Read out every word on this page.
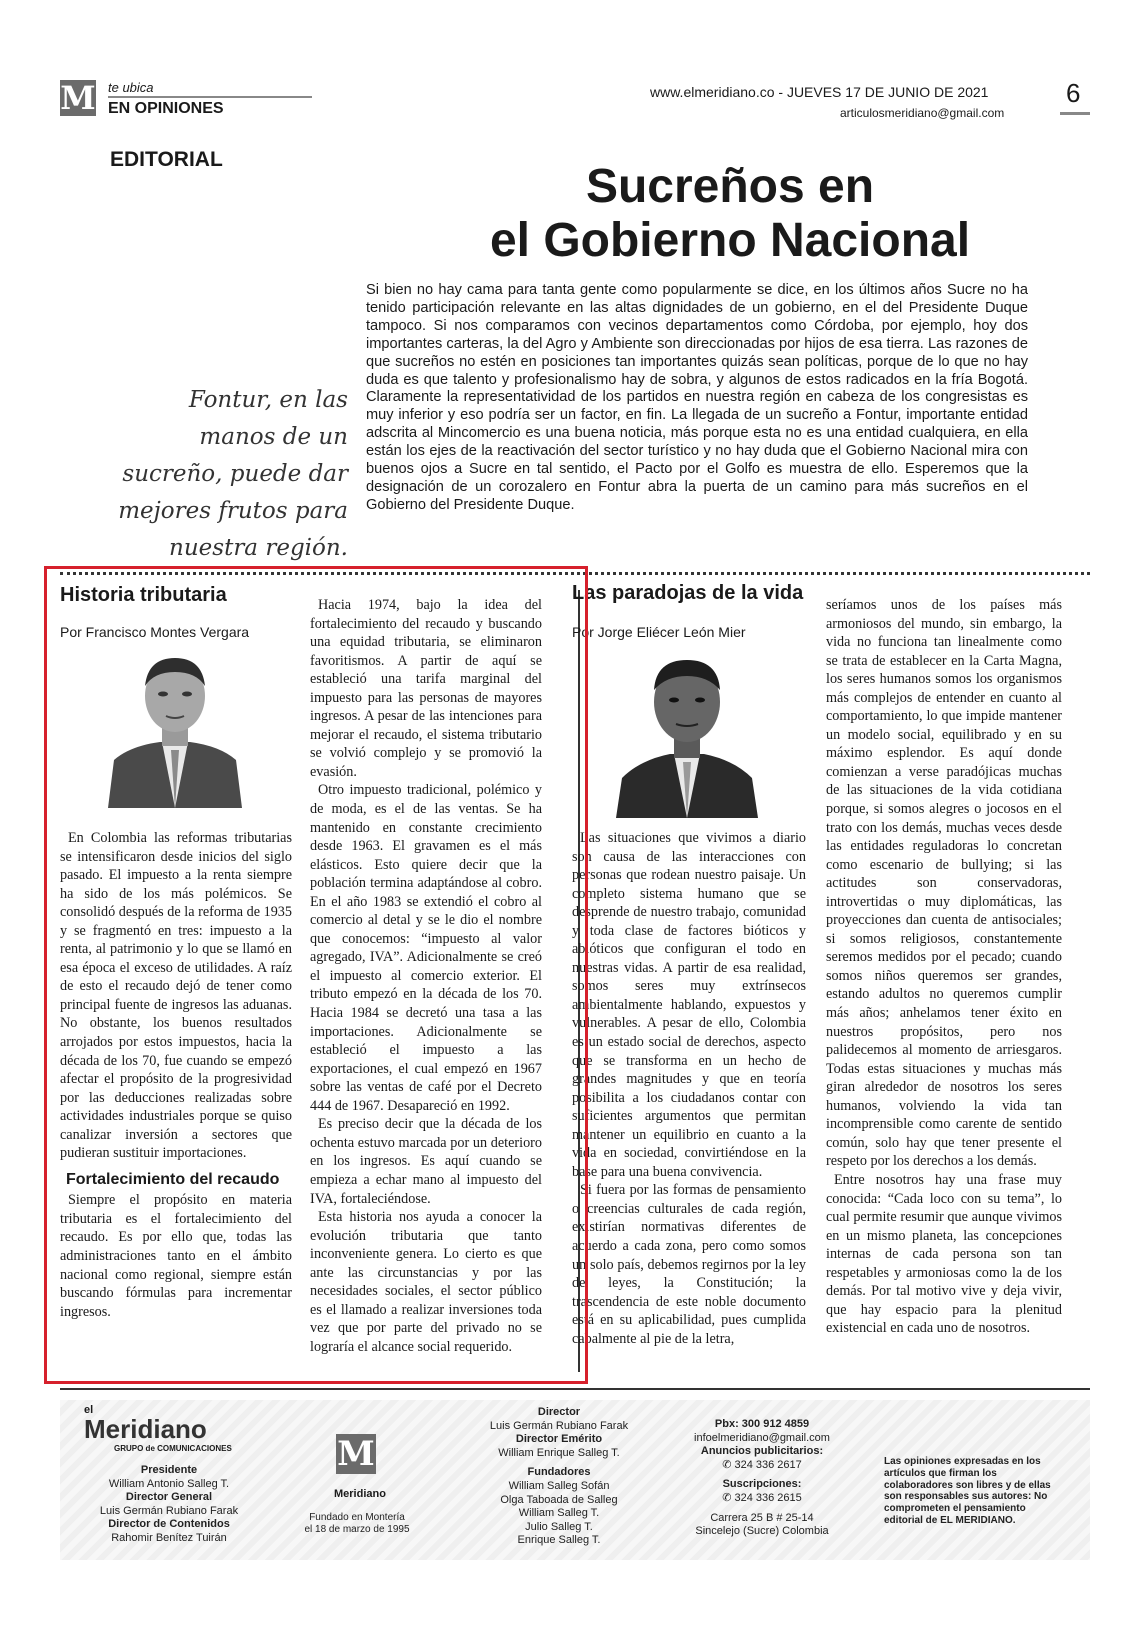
M te ubica
EN OPINIONES
www.elmeridiano.co - JUEVES 17 DE JUNIO DE 2021
articulosmeridiano@gmail.com
6
EDITORIAL
Sucreños en
el Gobierno Nacional
Fontur, en las manos de un sucreño, puede dar mejores frutos para nuestra región.
Si bien no hay cama para tanta gente como popularmente se dice, en los últimos años Sucre no ha tenido participación relevante en las altas dignidades de un gobierno, en el del Presidente Duque tampoco. Si nos comparamos con vecinos departamentos como Córdoba, por ejemplo, hoy dos importantes carteras, la del Agro y Ambiente son direccionadas por hijos de esa tierra. Las razones de que sucreños no estén en posiciones tan importantes quizás sean políticas, porque de lo que no hay duda es que talento y profesionalismo hay de sobra, y algunos de estos radicados en la fría Bogotá. Claramente la representatividad de los partidos en nuestra región en cabeza de los congresistas es muy inferior y eso podría ser un factor, en fin. La llegada de un sucreño a Fontur, importante entidad adscrita al Mincomercio es una buena noticia, más porque esta no es una entidad cualquiera, en ella están los ejes de la reactivación del sector turístico y no hay duda que el Gobierno Nacional mira con buenos ojos a Sucre en tal sentido, el Pacto por el Golfo es muestra de ello. Esperemos que la designación de un corozalero en Fontur abra la puerta de un camino para más sucreños en el Gobierno del Presidente Duque.
Historia tributaria
Por Francisco Montes Vergara

En Colombia las reformas tributarias se intensificaron desde inicios del siglo pasado. El impuesto a la renta siempre ha sido de los más polémicos. Se consolidó después de la reforma de 1935 y se fragmentó en tres: impuesto a la renta, al patrimonio y lo que se llamó en esa época el exceso de utilidades. A raíz de esto el recaudo dejó de tener como principal fuente de ingresos las aduanas. No obstante, los buenos resultados arrojados por estos impuestos, hacia la década de los 70, fue cuando se empezó afectar el propósito de la progresividad por las deducciones realizadas sobre actividades industriales porque se quiso canalizar inversión a sectores que pudieran sustituir importaciones.

Fortalecimiento del recaudo

Siempre el propósito en materia tributaria es el fortalecimiento del recaudo. Es por ello que, todas las administraciones tanto en el ámbito nacional como regional, siempre están buscando fórmulas para incrementar ingresos.

Hacia 1974, bajo la idea del fortalecimiento del recaudo y buscando una equidad tributaria, se eliminaron favoritismos. A partir de aquí se estableció una tarifa marginal del impuesto para las personas de mayores ingresos. A pesar de las intenciones para mejorar el recaudo, el sistema tributario se volvió complejo y se promovió la evasión.

Otro impuesto tradicional, polémico y de moda, es el de las ventas. Se ha mantenido en constante crecimiento desde 1963. El gravamen es el más elásticos. Esto quiere decir que la población termina adaptándose al cobro. En el año 1983 se extendió el cobro al comercio al detal y se le dio el nombre que conocemos: “impuesto al valor agregado, IVA”. Adicionalmente se creó el impuesto al comercio exterior. El tributo empezó en la década de los 70. Hacia 1984 se decretó una tasa a las importaciones. Adicionalmente se estableció el impuesto a las exportaciones, el cual empezó en 1967 sobre las ventas de café por el Decreto 444 de 1967. Desapareció en 1992.

Es preciso decir que la década de los ochenta estuvo marcada por un deterioro en los ingresos. Es aquí cuando se empieza a echar mano al impuesto del IVA, fortaleciéndose.

Esta historia nos ayuda a conocer la evolución tributaria que tanto inconveniente genera. Lo cierto es que ante las circunstancias y por las necesidades sociales, el sector público es el llamado a realizar inversiones toda vez que por parte del privado no se lograría el alcance social requerido.

Las paradojas de la vida
Por Jorge Eliécer León Mier

Las situaciones que vivimos a diario son causa de las interacciones con personas que rodean nuestro paisaje. Un completo sistema humano que se desprende de nuestro trabajo, comunidad y toda clase de factores bióticos y abióticos que configuran el todo en nuestras vidas. A partir de esa realidad, somos seres muy extrínsecos ambientalmente hablando, expuestos y vulnerables. A pesar de ello, Colombia es un estado social de derechos, aspecto que se transforma en un hecho de grandes magnitudes y que en teoría posibilita a los ciudadanos contar con suficientes argumentos que permitan mantener un equilibrio en cuanto a la vida en sociedad, convirtiéndose en la base para una buena convivencia.

Si fuera por las formas de pensamiento o creencias culturales de cada región, existirían normativas diferentes de acuerdo a cada zona, pero como somos un solo país, debemos regirnos por la ley de leyes, la Constitución; la trascendencia de este noble documento está en su aplicabilidad, pues cumplida cabalmente al pie de la letra,

seríamos unos de los países más armoniosos del mundo, sin embargo, la vida no funciona tan linealmente como se trata de establecer en la Carta Magna, los seres humanos somos los organismos más complejos de entender en cuanto al comportamiento, lo que impide mantener un modelo social, equilibrado y en su máximo esplendor. Es aquí donde comienzan a verse paradójicas muchas de las situaciones de la vida cotidiana porque, si somos alegres o jocosos en el trato con los demás, muchas veces desde las entidades reguladoras lo concretan como escenario de bullying; si las actitudes son conservadoras, introvertidas o muy diplomáticas, las proyecciones dan cuenta de antisociales; si somos religiosos, constantemente seremos medidos por el pecado; cuando somos niños queremos ser grandes, estando adultos no queremos cumplir más años; anhelamos tener éxito en nuestros propósitos, pero nos palidecemos al momento de arriesgaros. Todas estas situaciones y muchas más giran alrededor de nosotros los seres humanos, volviendo la vida tan incomprensible como carente de sentido común, solo hay que tener presente el respeto por los derechos a los demás.

Entre nosotros hay una frase muy conocida: “Cada loco con su tema”, lo cual permite resumir que aunque vivimos en un mismo planeta, las concepciones internas de cada persona son tan respetables y armoniosas como la de los demás. Por tal motivo vive y deja vivir, que hay espacio para la plenitud existencial en cada uno de nosotros.

el
Meridiano
GRUPO de COMUNICACIONES
Presidente
William Antonio Salleg T.
Director General
Luis Germán Rubiano Farak
Director de Contenidos
Rahomir Benítez Tuirán
M
Meridiano
Fundado en Montería
el 18 de marzo de 1995
Director
Luis Germán Rubiano Farak
Director Emérito
William Enrique Salleg T.
Fundadores
William Salleg Sofán
Olga Taboada de Salleg
William Salleg T.
Julio Salleg T.
Enrique Salleg T.
Pbx: 300 912 4859
infoelmeridiano@gmail.com
Anuncios publicitarios:
✆ 324 336 2617
Suscripciones:
✆ 324 336 2615
Carrera 25 B # 25-14
Sincelejo (Sucre) Colombia
Las opiniones expresadas en los artículos que firman los colaboradores son libres y de ellas son responsables sus autores: No comprometen el pensamiento editorial de EL MERIDIANO.
